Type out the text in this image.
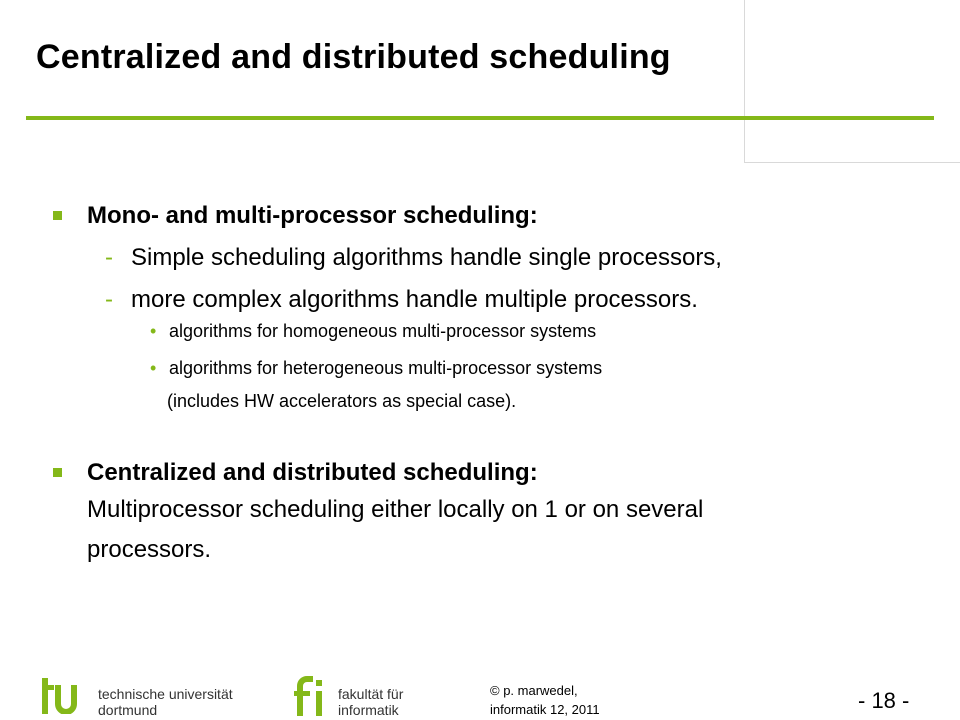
Centralized and distributed scheduling
Mono- and multi-processor scheduling:
- Simple scheduling algorithms handle single processors,
- more complex algorithms handle multiple processors.
• algorithms for homogeneous multi-processor systems
• algorithms for heterogeneous multi-processor systems
(includes HW accelerators as special case).
Centralized and distributed scheduling:
Multiprocessor scheduling either locally on 1 or on several
processors.
technische universität
dortmund
fakultät für
informatik
© p. marwedel,
informatik 12, 2011	- 18 -
